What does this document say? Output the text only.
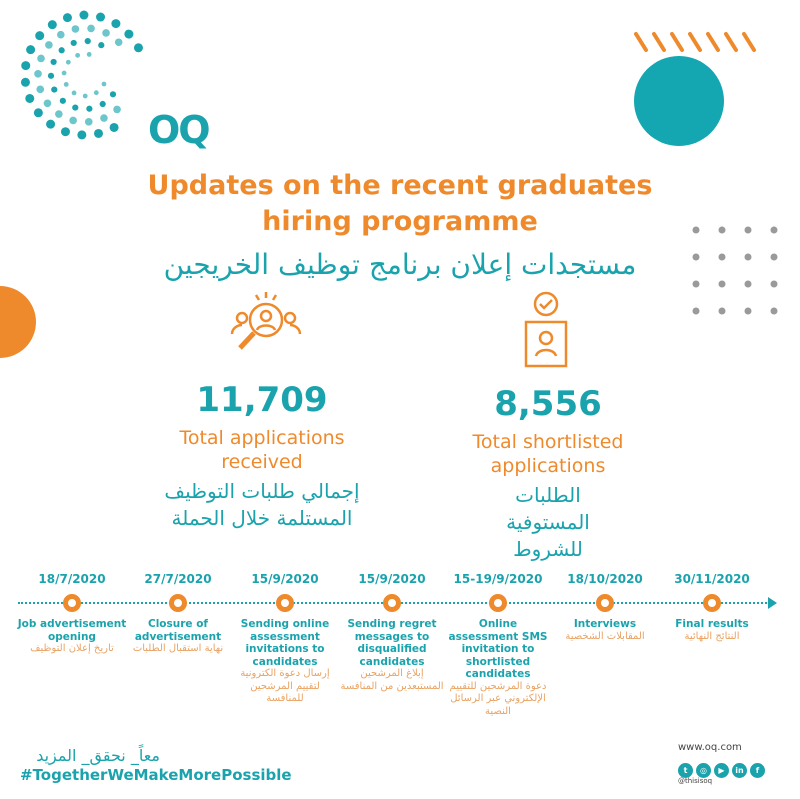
OQ
Updates on the recent graduates
hiring programme
مستجدات إعلان برنامج توظيف الخريجين
11,709
Total applications received
إجمالي طلبات التوظيف
المستلمة خلال الحملة
8,556
Total shortlisted applications
الطلبات المستوفية
للشروط
18/7/2020
Job advertisement opening
تاريخ إعلان التوظيف
27/7/2020
Closure of advertisement
نهاية استقبال الطلبات
15/9/2020
Sending online assessment invitations to candidates
إرسال دعوة الكترونية لتقييم المرشحين للمنافسة
15/9/2020
Sending regret messages to disqualified candidates
إبلاغ المرشحين المستبعدين من المنافسة
15-19/9/2020
Online assessment SMS invitation to shortlisted candidates
دعوة المرشحين للتقييم الإلكتروني عبر الرسائل النصية
18/10/2020
Interviews
المقابلات الشخصية
30/11/2020
Final results
النتائج النهائية
معاً_ نحقق_ المزيد
#TogetherWeMakeMorePossible
www.oq.com
t ◎ ▶ in f
@thisisoq
